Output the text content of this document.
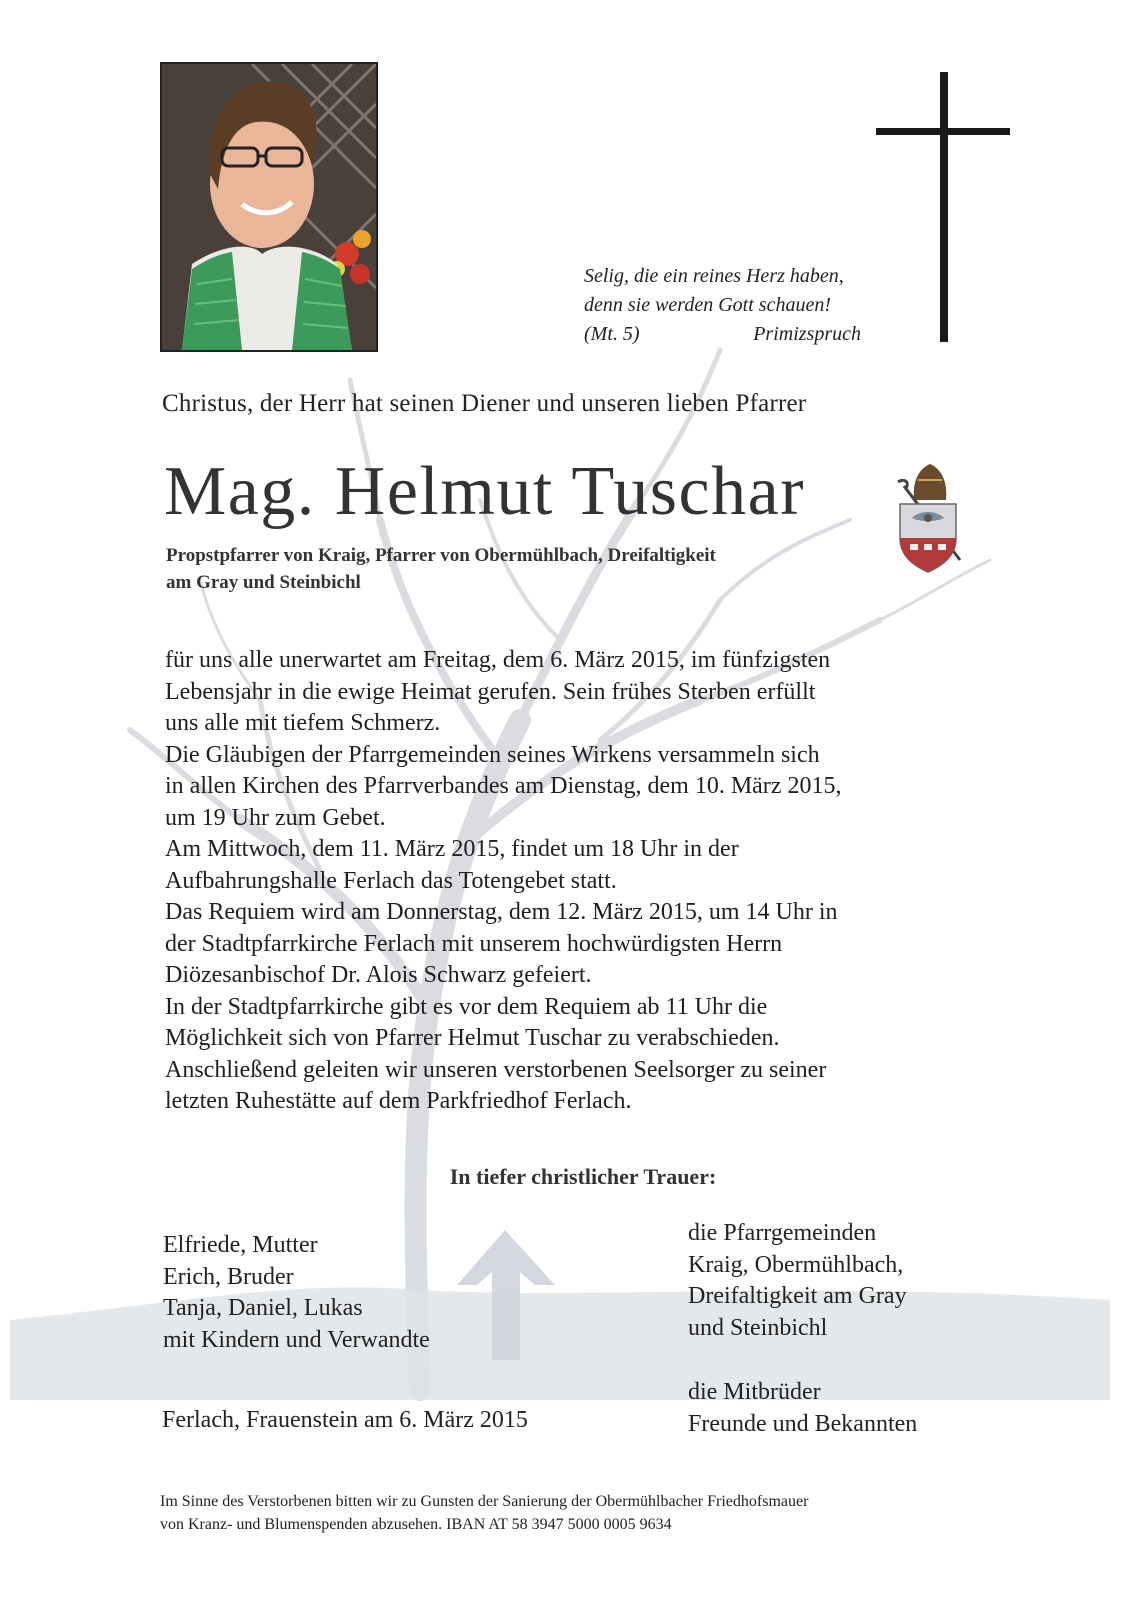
Selig, die ein reines Herz haben,
denn sie werden Gott schauen!
(Mt. 5)	Primizspruch
Christus, der Herr hat seinen Diener und unseren lieben Pfarrer
Mag. Helmut Tuschar
Propstpfarrer von Kraig, Pfarrer von Obermühlbach, Dreifaltigkeit
am Gray und Steinbichl

für uns alle unerwartet am Freitag, dem 6. März 2015, im fünfzigsten

Lebensjahr in die ewige Heimat gerufen. Sein frühes Sterben erfüllt

uns alle mit tiefem Schmerz.

Die Gläubigen der Pfarrgemeinden seines Wirkens versammeln sich

in allen Kirchen des Pfarrverbandes am Dienstag, dem 10. März 2015,

um 19 Uhr zum Gebet.

Am Mittwoch, dem 11. März 2015, findet um 18 Uhr in der

Aufbahrungshalle Ferlach das Totengebet statt.

Das Requiem wird am Donnerstag, dem 12. März 2015, um 14 Uhr in

der Stadtpfarrkirche Ferlach mit unserem hochwürdigsten Herrn

Diözesanbischof Dr. Alois Schwarz gefeiert.

In der Stadtpfarrkirche gibt es vor dem Requiem ab 11 Uhr die

Möglichkeit sich von Pfarrer Helmut Tuschar zu verabschieden.

Anschließend geleiten wir unseren verstorbenen Seelsorger zu seiner

letzten Ruhestätte auf dem Parkfriedhof Ferlach.

In tiefer christlicher Trauer:
Elfriede, Mutter
Erich, Bruder
Tanja, Daniel, Lukas
mit Kindern und Verwandte
die Pfarrgemeinden
Kraig, Obermühlbach,
Dreifaltigkeit am Gray
und Steinbichl
die Mitbrüder
Freunde und Bekannten
Ferlach, Frauenstein am 6. März 2015
Im Sinne des Verstorbenen bitten wir zu Gunsten der Sanierung der Obermühlbacher Friedhofsmauer
von Kranz- und Blumenspenden abzusehen. IBAN AT 58 3947 5000 0005 9634
